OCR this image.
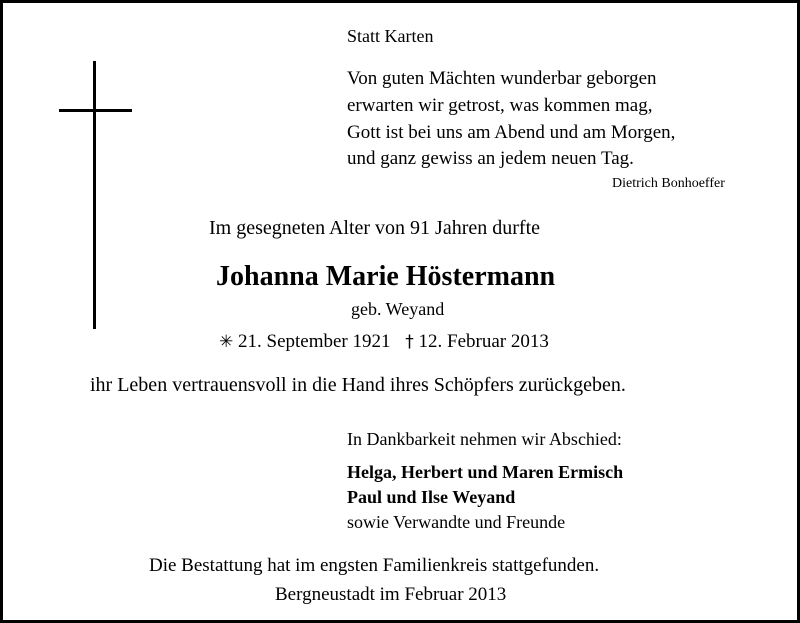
Statt Karten
Von guten Mächten wunderbar geborgen
erwarten wir getrost, was kommen mag,
Gott ist bei uns am Abend und am Morgen,
und ganz gewiss an jedem neuen Tag.
Dietrich Bonhoeffer
Im gesegneten Alter von 91 Jahren durfte
Johanna Marie Höstermann
geb. Weyand
✳ 21. September 1921 † 12. Februar 2013
ihr Leben vertrauensvoll in die Hand ihres Schöpfers zurückgeben.
In Dankbarkeit nehmen wir Abschied:
Helga, Herbert und Maren Ermisch
Paul und Ilse Weyand
sowie Verwandte und Freunde
Die Bestattung hat im engsten Familienkreis stattgefunden.
Bergneustadt im Februar 2013
